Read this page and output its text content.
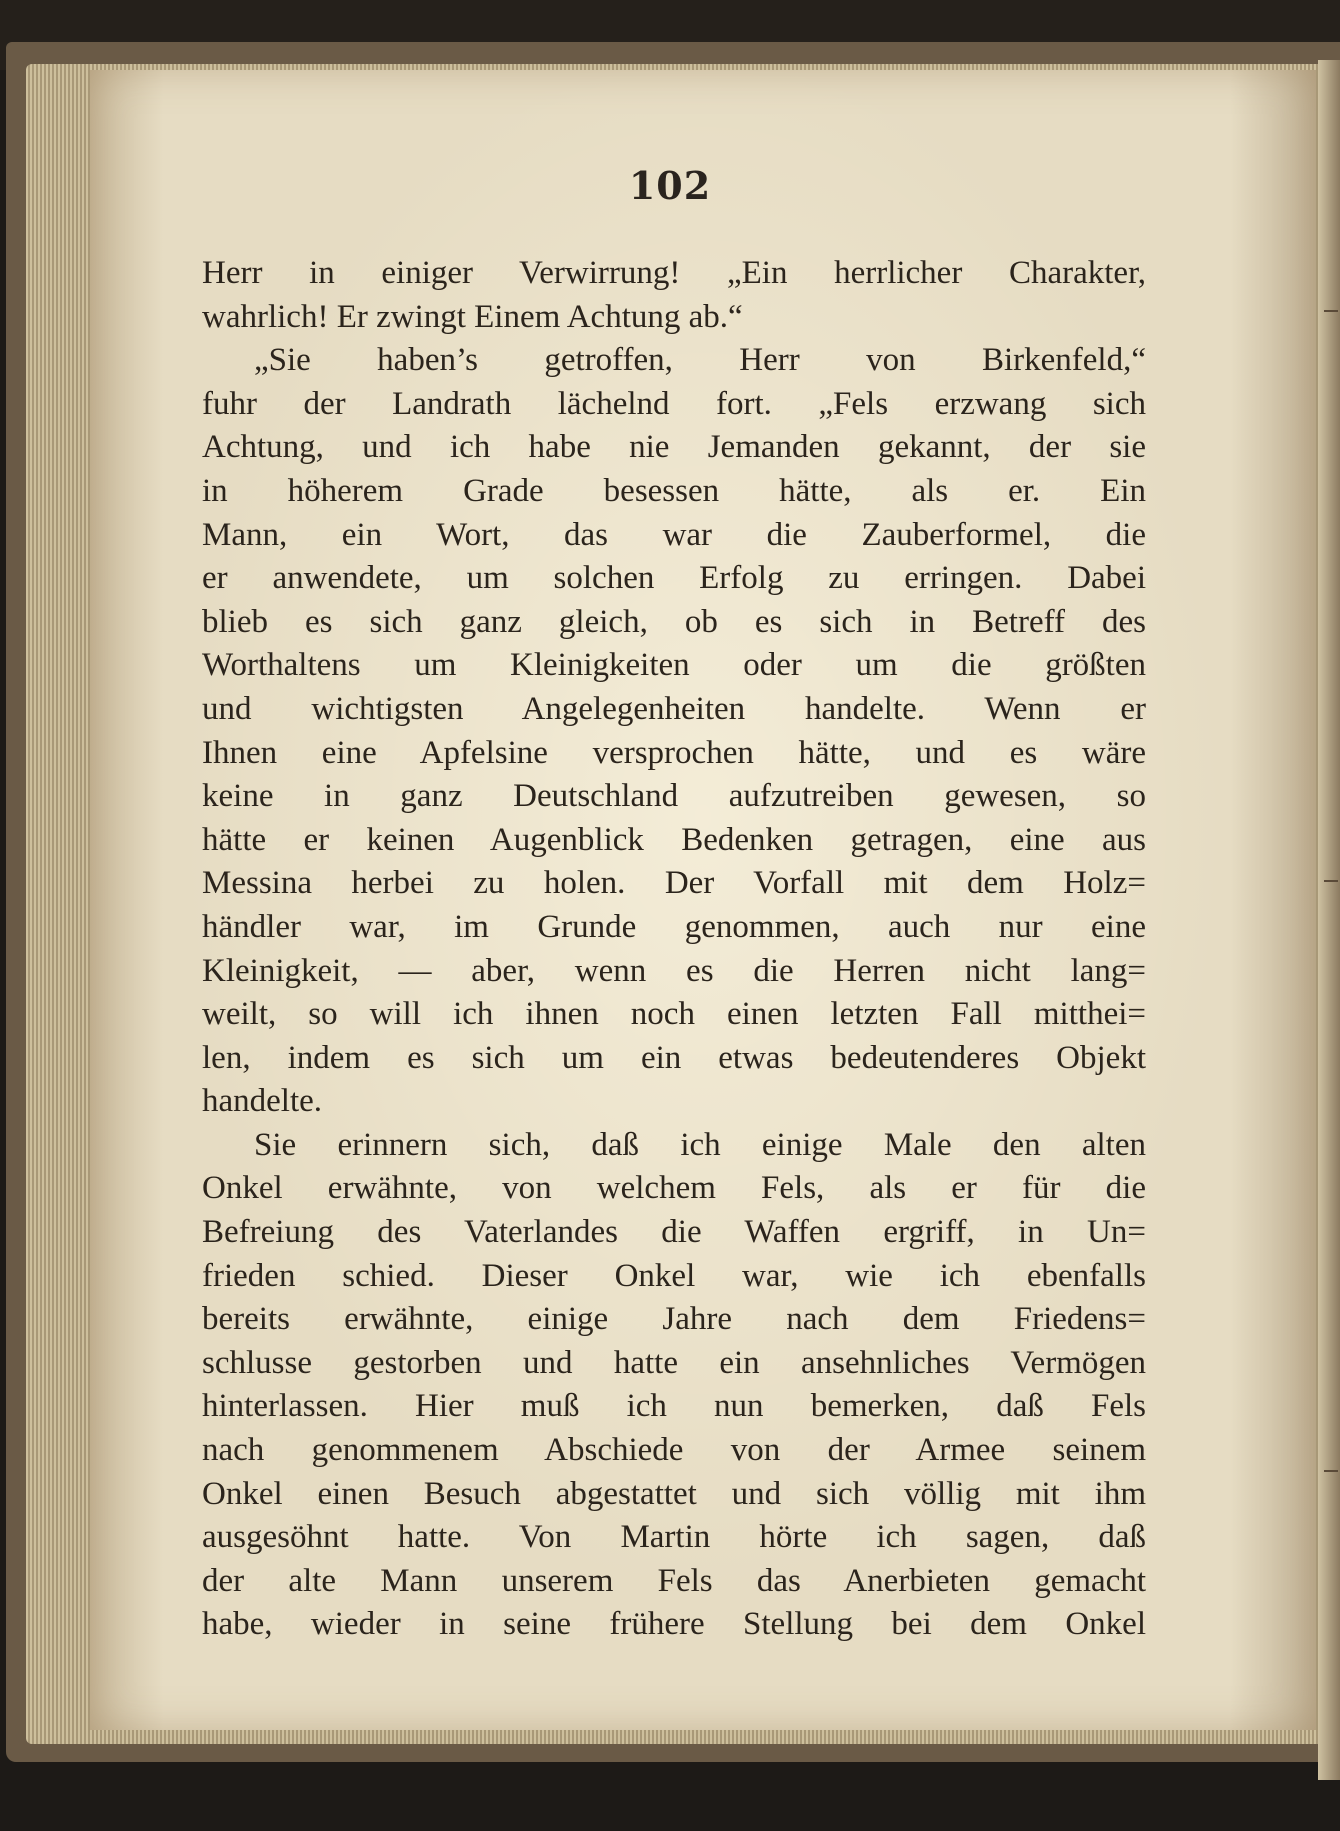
102
Herr in einiger Verwirrung! „Ein herrlicher Charakter,
wahrlich! Er zwingt Einem Achtung ab.“
„Sie haben’s getroffen, Herr von Birkenfeld,“
fuhr der Landrath lächelnd fort. „Fels erzwang sich
Achtung, und ich habe nie Jemanden gekannt, der sie
in höherem Grade besessen hätte, als er. Ein
Mann, ein Wort, das war die Zauberformel, die
er anwendete, um solchen Erfolg zu erringen. Dabei
blieb es sich ganz gleich, ob es sich in Betreff des
Worthaltens um Kleinigkeiten oder um die größten
und wichtigsten Angelegenheiten handelte. Wenn er
Ihnen eine Apfelsine versprochen hätte, und es wäre
keine in ganz Deutschland aufzutreiben gewesen, so
hätte er keinen Augenblick Bedenken getragen, eine aus
Messina herbei zu holen. Der Vorfall mit dem Holz=
händler war, im Grunde genommen, auch nur eine
Kleinigkeit, — aber, wenn es die Herren nicht lang=
weilt, so will ich ihnen noch einen letzten Fall mitthei=
len, indem es sich um ein etwas bedeutenderes Objekt
handelte.
Sie erinnern sich, daß ich einige Male den alten
Onkel erwähnte, von welchem Fels, als er für die
Befreiung des Vaterlandes die Waffen ergriff, in Un=
frieden schied. Dieser Onkel war, wie ich ebenfalls
bereits erwähnte, einige Jahre nach dem Friedens=
schlusse gestorben und hatte ein ansehnliches Vermögen
hinterlassen. Hier muß ich nun bemerken, daß Fels
nach genommenem Abschiede von der Armee seinem
Onkel einen Besuch abgestattet und sich völlig mit ihm
ausgesöhnt hatte. Von Martin hörte ich sagen, daß
der alte Mann unserem Fels das Anerbieten gemacht
habe, wieder in seine frühere Stellung bei dem Onkel
